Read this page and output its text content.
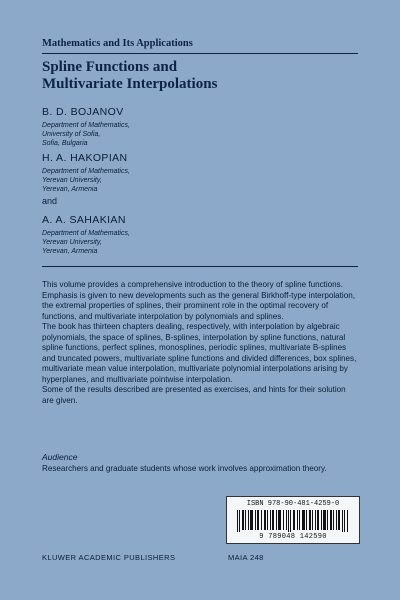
Mathematics and Its Applications
Spline Functions and
Multivariate Interpolations
B. D. BOJANOV
Department of Mathematics,
University of Sofia,
Sofia, Bulgaria
H. A. HAKOPIAN
Department of Mathematics,
Yerevan University,
Yerevan, Armenia
and
A. A. SAHAKIAN
Department of Mathematics,
Yerevan University,
Yerevan, Armenia

This volume provides a comprehensive introduction to the theory of spline functions. Emphasis is given to new developments such as the general Birkhoff-type interpolation, the extremal properties of splines, their prominent role in the optimal recovery of functions, and multivariate interpolation by polynomials and splines.

The book has thirteen chapters dealing, respectively, with interpolation by algebraic polynomials, the space of splines, B-splines, interpolation by spline functions, natural spline functions, perfect splines, monosplines, periodic splines, multivariate B-splines and truncated powers, multivariate spline functions and divided differences, box splines, multivariate mean value interpolation, multivariate polynomial interpolations arising by hyperplanes, and multivariate pointwise interpolation.

Some of the results described are presented as exercises, and hints for their solution are given.

Audience
Researchers and graduate students whose work involves approximation theory.
ISBN 978-90-481-4259-0
9 789048 142590
KLUWER ACADEMIC PUBLISHERS	MAIA 248
